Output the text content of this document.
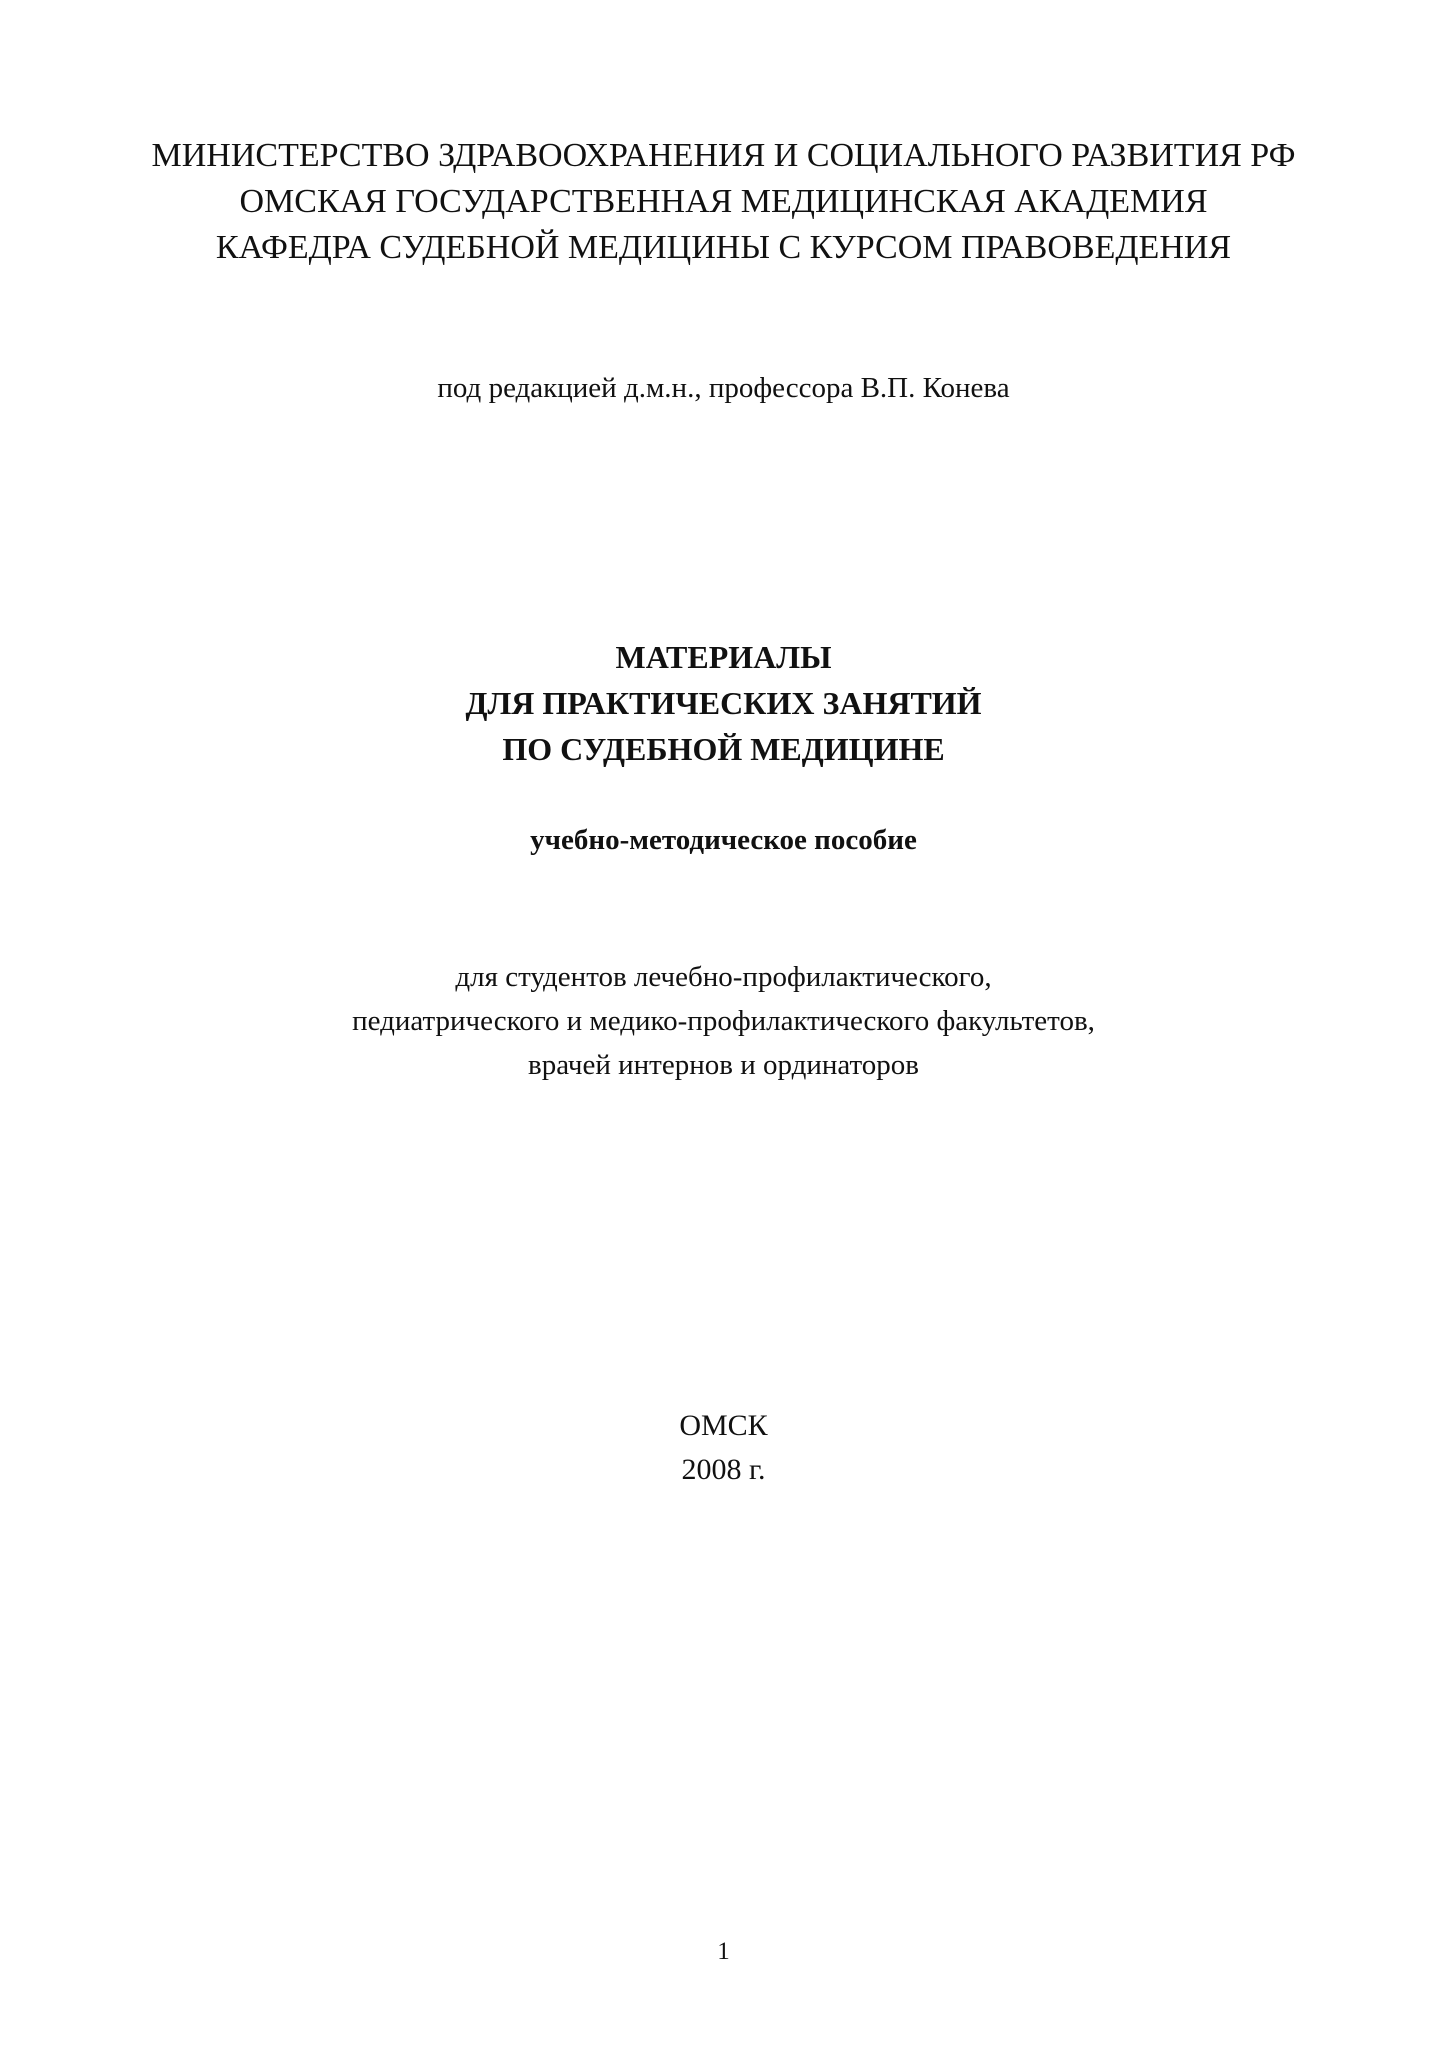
МИНИСТЕРСТВО ЗДРАВООХРАНЕНИЯ И СОЦИАЛЬНОГО РАЗВИТИЯ РФ
ОМСКАЯ ГОСУДАРСТВЕННАЯ МЕДИЦИНСКАЯ АКАДЕМИЯ
КАФЕДРА СУДЕБНОЙ МЕДИЦИНЫ С КУРСОМ ПРАВОВЕДЕНИЯ
под редакцией д.м.н., профессора В.П. Конева
МАТЕРИАЛЫ
ДЛЯ ПРАКТИЧЕСКИХ ЗАНЯТИЙ
ПО СУДЕБНОЙ МЕДИЦИНЕ
учебно-методическое пособие
для студентов лечебно-профилактического,
педиатрического и медико-профилактического факультетов,
врачей интернов и ординаторов
ОМСК
2008 г.
1
